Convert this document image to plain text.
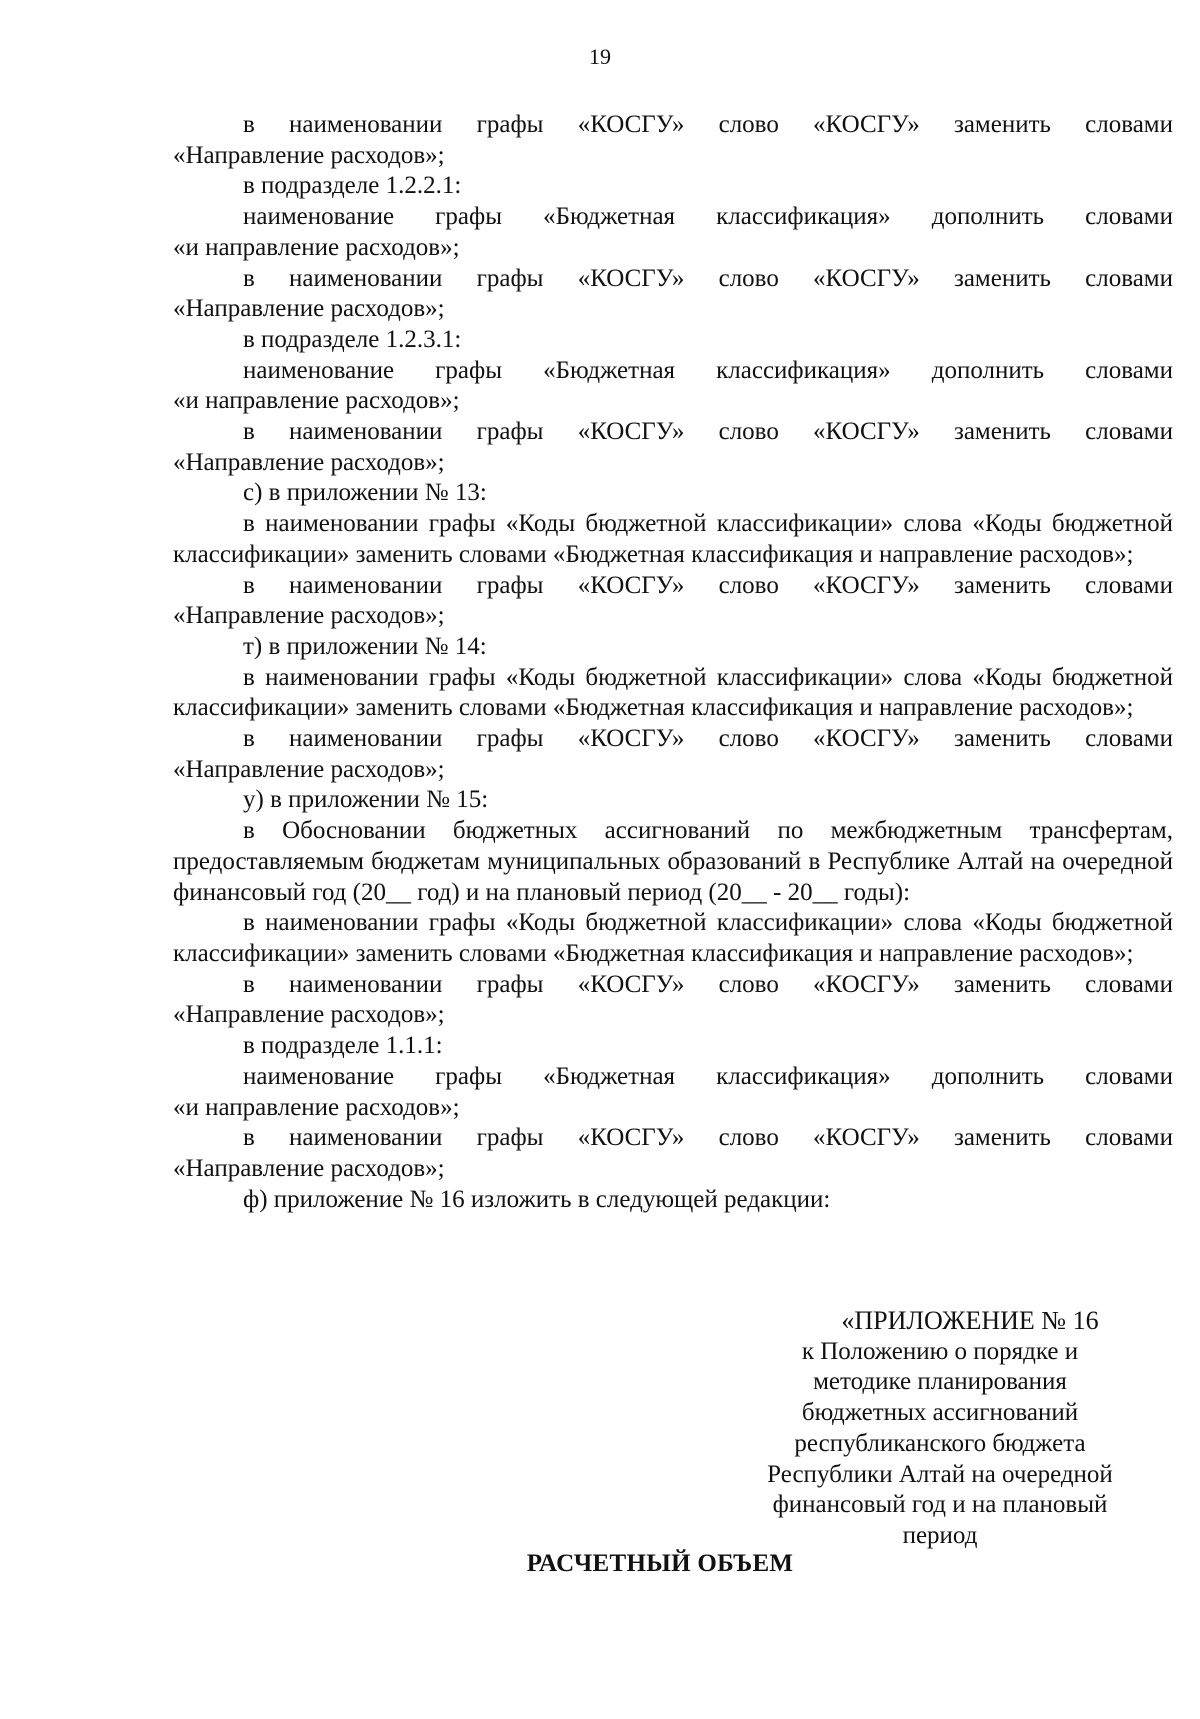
19

в наименовании графы «КОСГУ» слово «КОСГУ» заменить словами

«Направление расходов»;

в подразделе 1.2.2.1:

наименование графы «Бюджетная классификация» дополнить словами

«и направление расходов»;

в наименовании графы «КОСГУ» слово «КОСГУ» заменить словами

«Направление расходов»;

в подразделе 1.2.3.1:

наименование графы «Бюджетная классификация» дополнить словами

«и направление расходов»;

в наименовании графы «КОСГУ» слово «КОСГУ» заменить словами

«Направление расходов»;

с) в приложении № 13:

в наименовании графы «Коды бюджетной классификации» слова «Коды бюджетной классификации» заменить словами «Бюджетная классификация и направление расходов»;

в наименовании графы «КОСГУ» слово «КОСГУ» заменить словами

«Направление расходов»;

т) в приложении № 14:

в наименовании графы «Коды бюджетной классификации» слова «Коды бюджетной классификации» заменить словами «Бюджетная классификация и направление расходов»;

в наименовании графы «КОСГУ» слово «КОСГУ» заменить словами

«Направление расходов»;

у) в приложении № 15:

в Обосновании бюджетных ассигнований по межбюджетным трансфертам, предоставляемым бюджетам муниципальных образований в Республике Алтай на очередной финансовый год (20__ год) и на плановый период (20__ - 20__ годы):

в наименовании графы «Коды бюджетной классификации» слова «Коды бюджетной классификации» заменить словами «Бюджетная классификация и направление расходов»;

в наименовании графы «КОСГУ» слово «КОСГУ» заменить словами

«Направление расходов»;

в подразделе 1.1.1:

наименование графы «Бюджетная классификация» дополнить словами

«и направление расходов»;

в наименовании графы «КОСГУ» слово «КОСГУ» заменить словами

«Направление расходов»;

ф) приложение № 16 изложить в следующей редакции:

«ПРИЛОЖЕНИЕ № 16
к Положению о порядке и
методике планирования
бюджетных ассигнований
республиканского бюджета
Республики Алтай на очередной
финансовый год и на плановый
период
РАСЧЕТНЫЙ ОБЪЕМ
